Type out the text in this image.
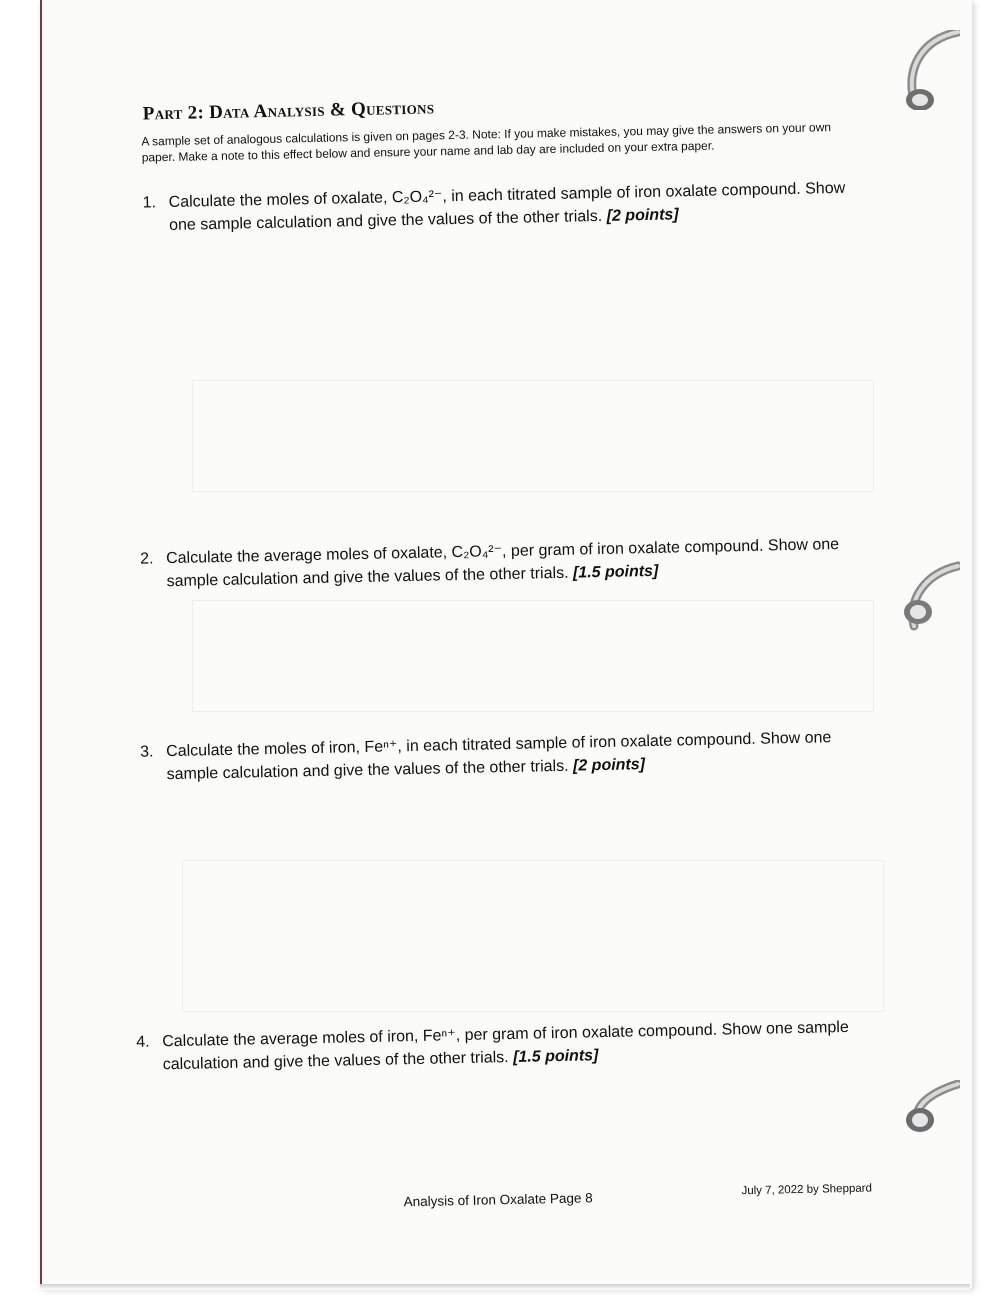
Part 2: Data Analysis & Questions
A sample set of analogous calculations is given on pages 2-3. Note: If you make mistakes, you may give the answers on your own paper. Make a note to this effect below and ensure your name and lab day are included on your extra paper.
1. Calculate the moles of oxalate, C₂O₄²⁻, in each titrated sample of iron oxalate compound. Show one sample calculation and give the values of the other trials. [2 points]
2. Calculate the average moles of oxalate, C₂O₄²⁻, per gram of iron oxalate compound. Show one sample calculation and give the values of the other trials. [1.5 points]
3. Calculate the moles of iron, Feⁿ⁺, in each titrated sample of iron oxalate compound. Show one sample calculation and give the values of the other trials. [2 points]
4. Calculate the average moles of iron, Feⁿ⁺, per gram of iron oxalate compound. Show one sample calculation and give the values of the other trials. [1.5 points]
Analysis of Iron Oxalate Page 8
July 7, 2022 by Sheppard
